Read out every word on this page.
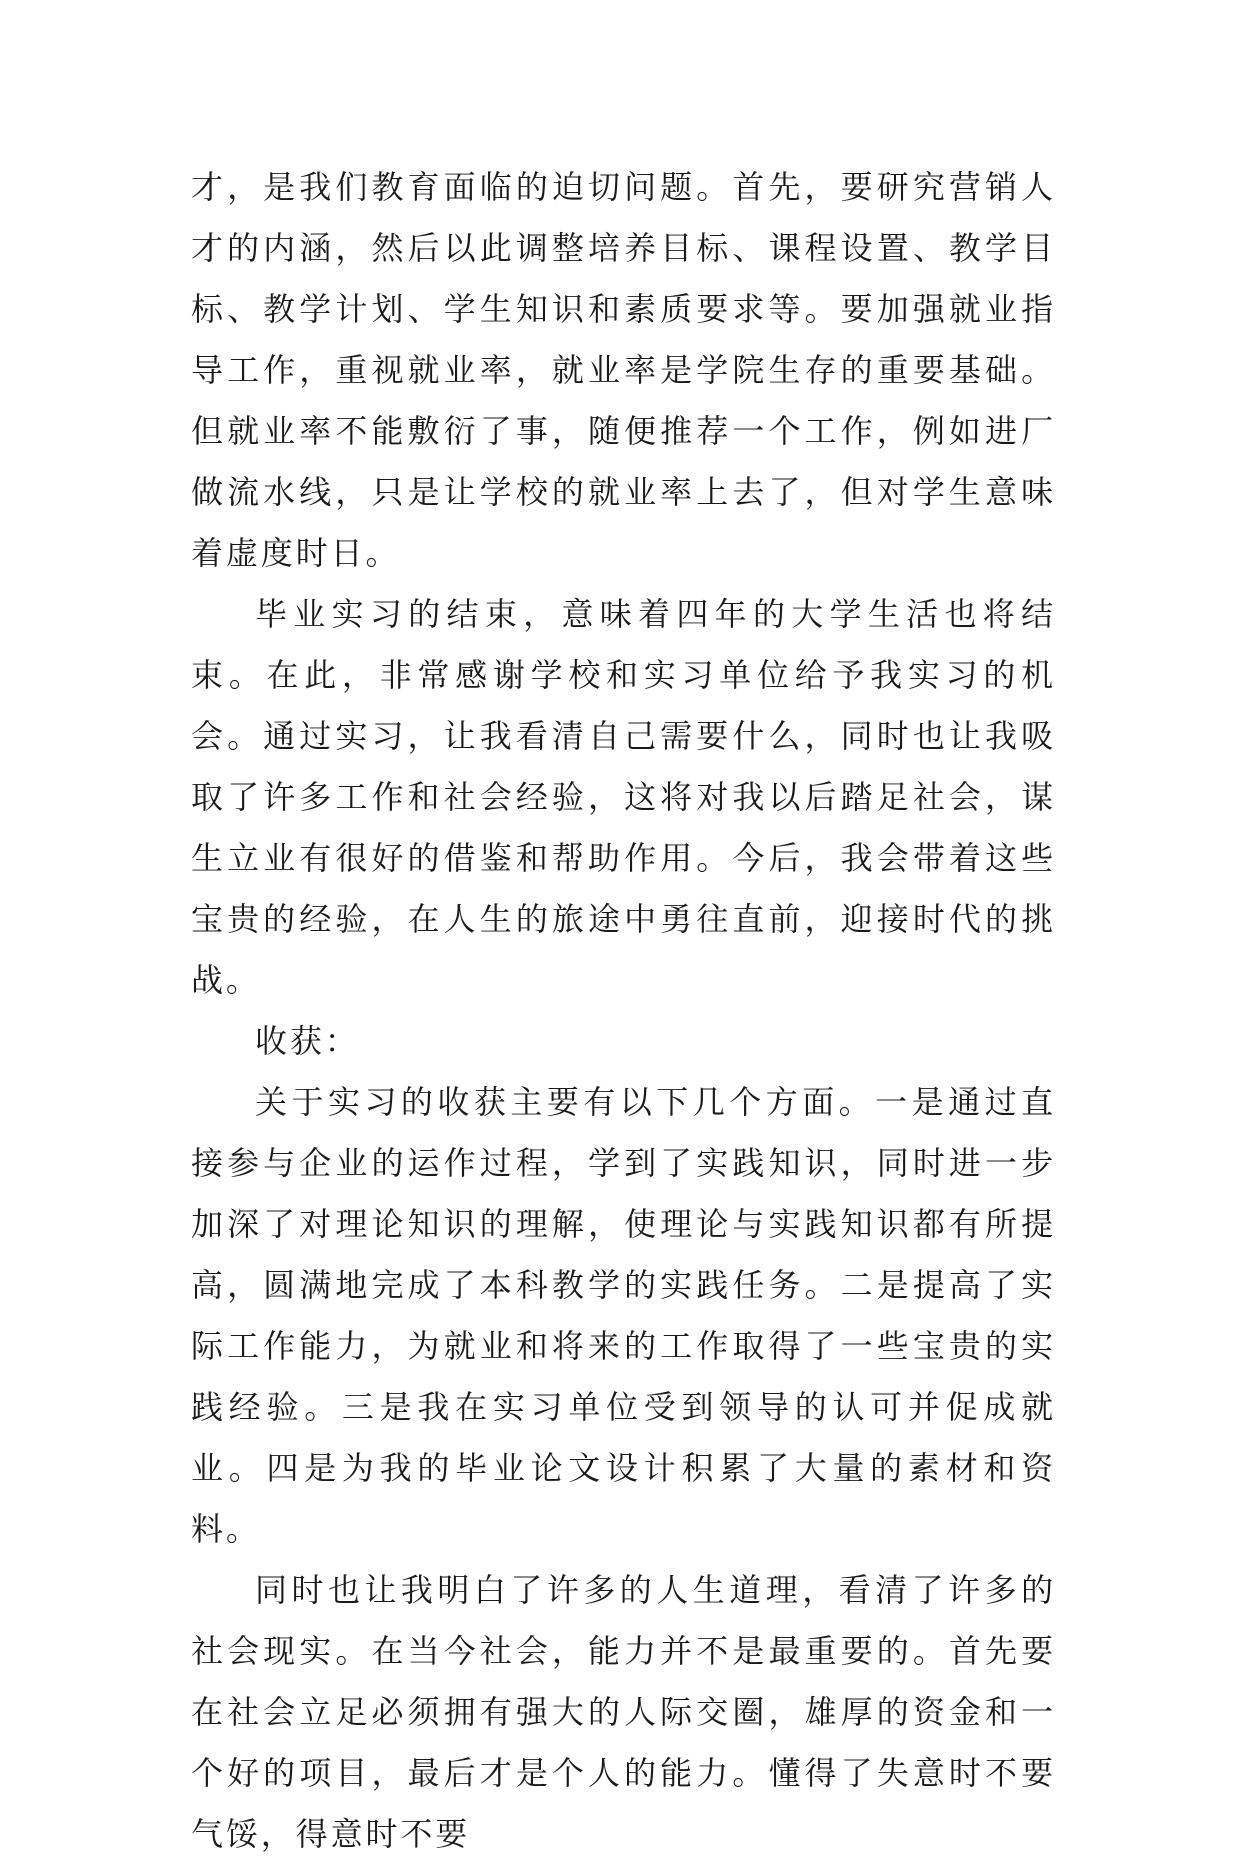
才，是我们教育面临的迫切问题。首先，要研究营销人才的内涵，然后以此调整培养目标、课程设置、教学目标、教学计划、学生知识和素质要求等。要加强就业指导工作，重视就业率，就业率是学院生存的重要基础。但就业率不能敷衍了事，随便推荐一个工作，例如进厂做流水线，只是让学校的就业率上去了，但对学生意味着虚度时日。

毕业实习的结束，意味着四年的大学生活也将结束。在此，非常感谢学校和实习单位给予我实习的机会。通过实习，让我看清自己需要什么，同时也让我吸取了许多工作和社会经验，这将对我以后踏足社会，谋生立业有很好的借鉴和帮助作用。今后，我会带着这些宝贵的经验，在人生的旅途中勇往直前，迎接时代的挑战。

收获：

关于实习的收获主要有以下几个方面。一是通过直接参与企业的运作过程，学到了实践知识，同时进一步加深了对理论知识的理解，使理论与实践知识都有所提高，圆满地完成了本科教学的实践任务。二是提高了实际工作能力，为就业和将来的工作取得了一些宝贵的实践经验。三是我在实习单位受到领导的认可并促成就业。四是为我的毕业论文设计积累了大量的素材和资料。

同时也让我明白了许多的人生道理，看清了许多的社会现实。在当今社会，能力并不是最重要的。首先要在社会立足必须拥有强大的人际交圈，雄厚的资金和一个好的项目，最后才是个人的能力。懂得了失意时不要气馁，得意时不要
